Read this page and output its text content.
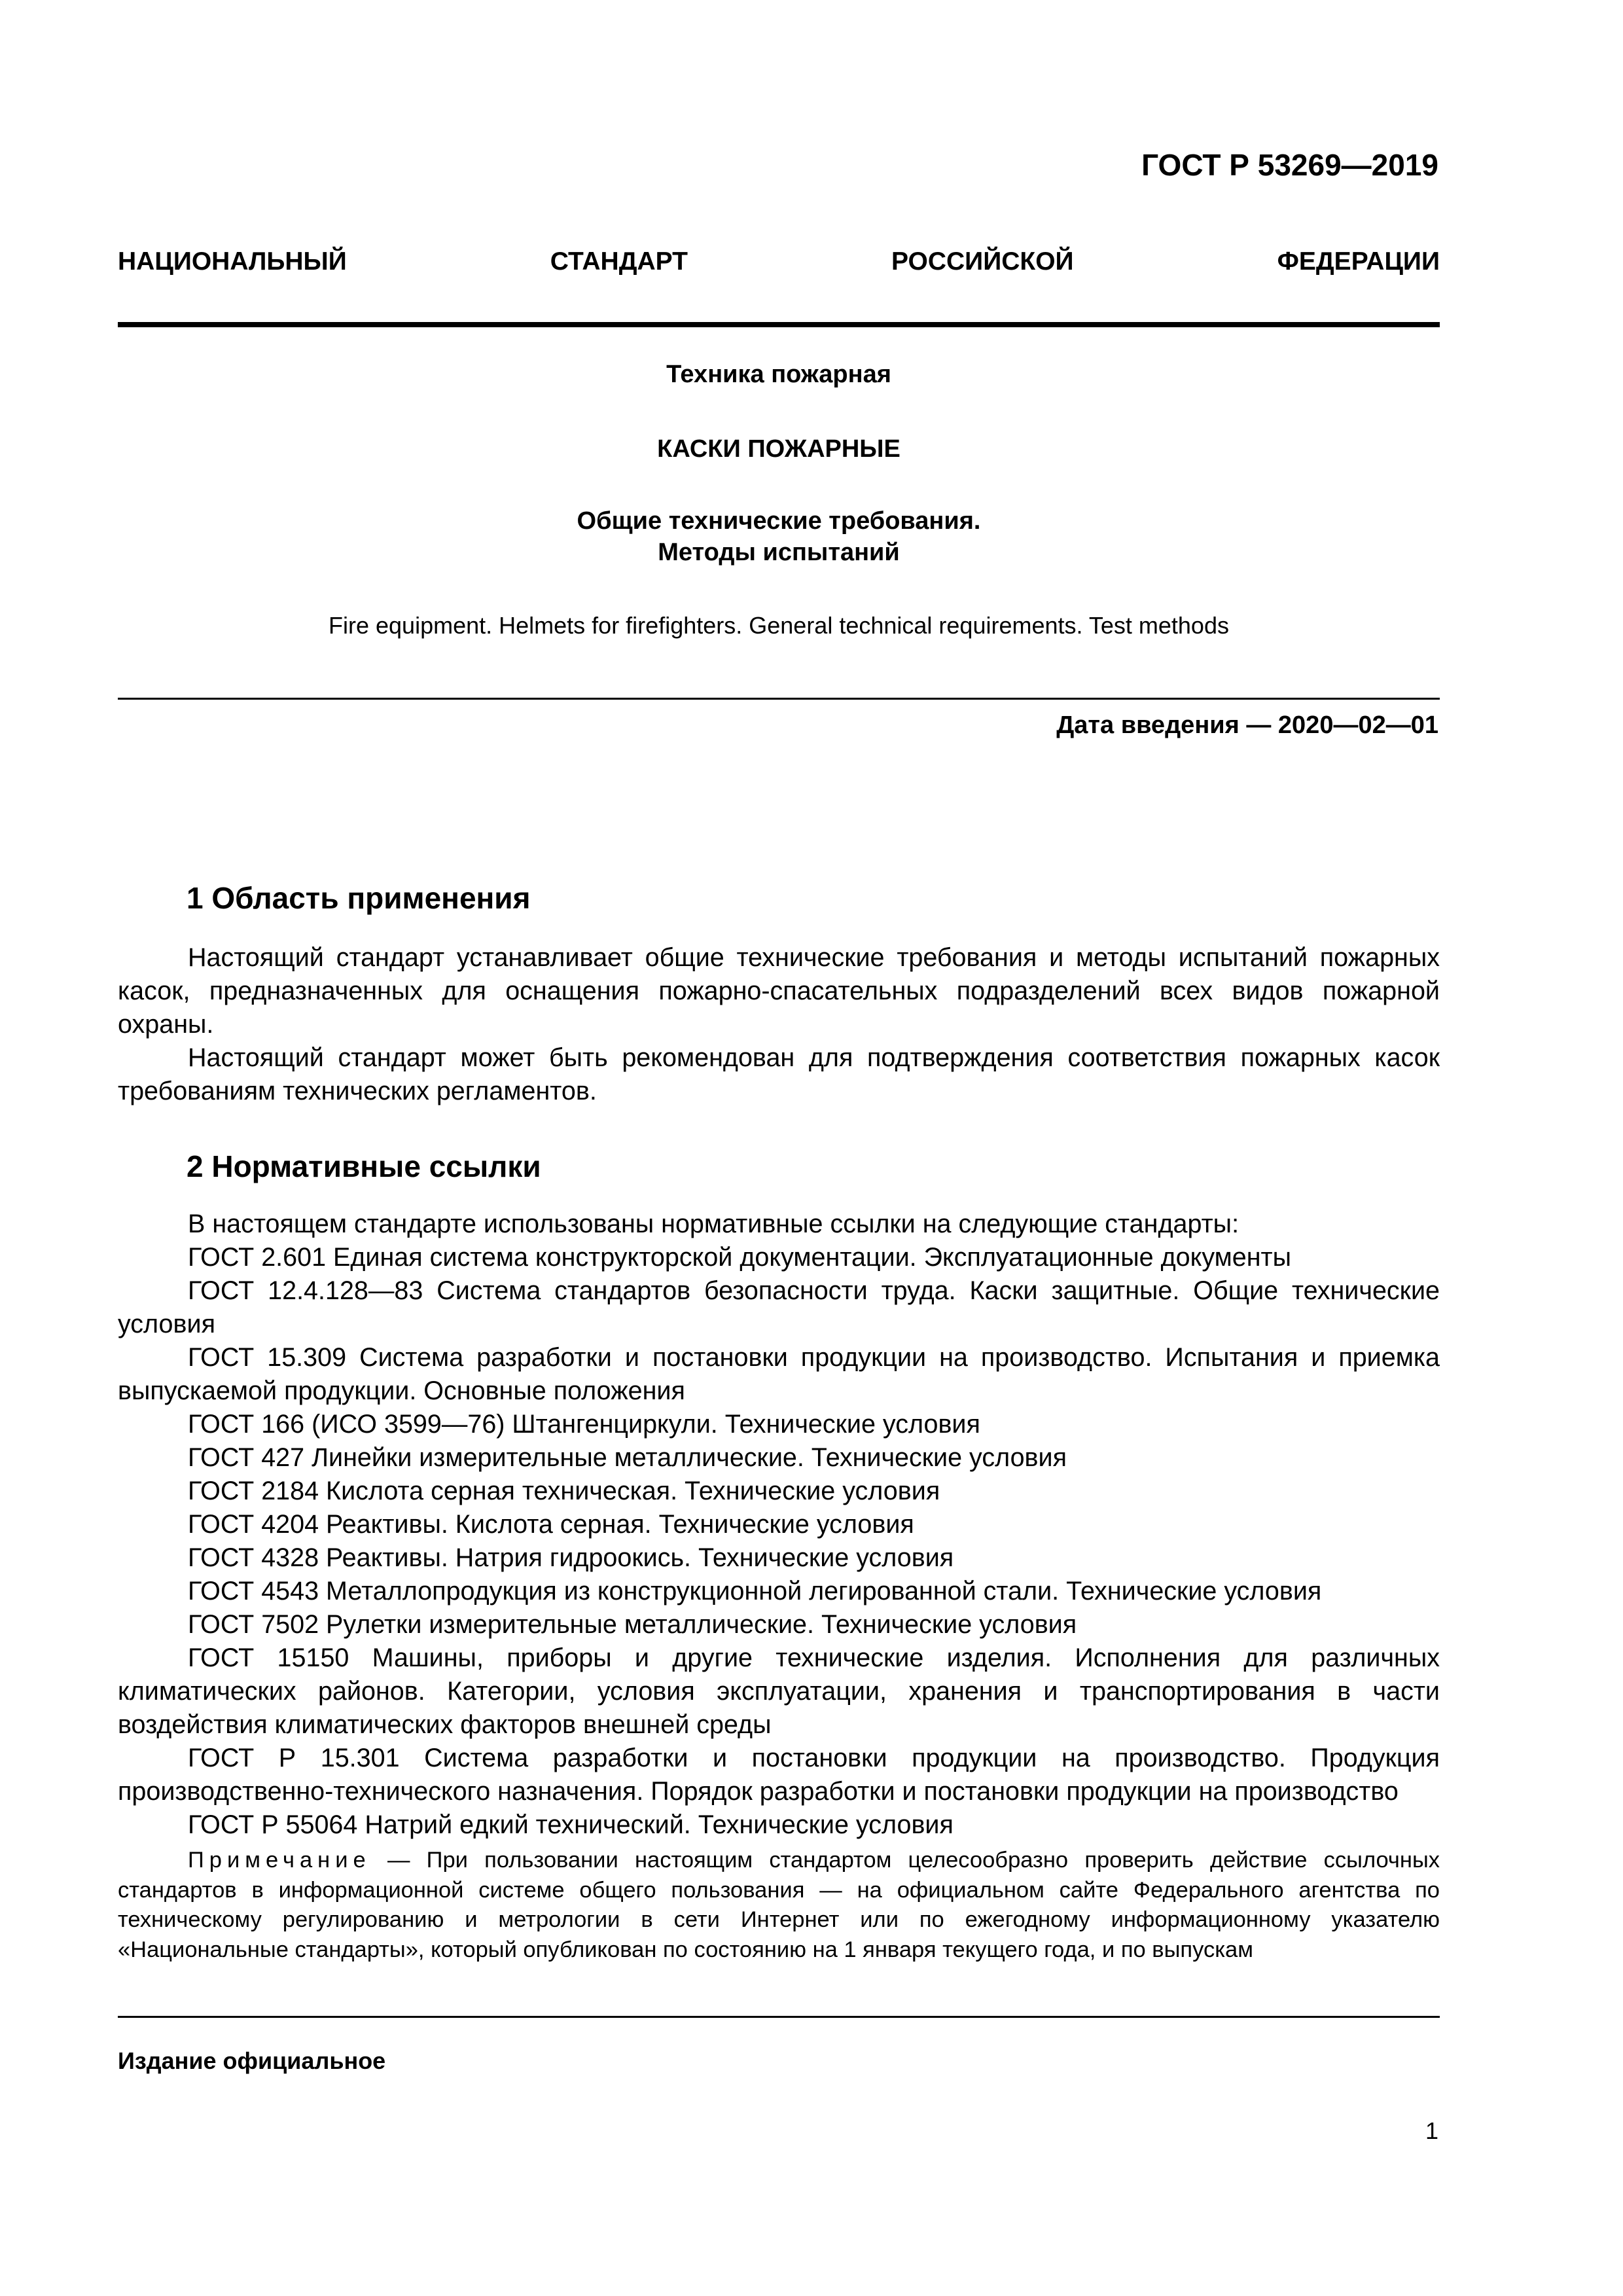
ГОСТ Р 53269—2019
НАЦИОНАЛЬНЫЙ СТАНДАРТ РОССИЙСКОЙ ФЕДЕРАЦИИ
Техника пожарная
КАСКИ ПОЖАРНЫЕ
Общие технические требования.
Методы испытаний
Fire equipment. Helmets for firefighters. General technical requirements. Test methods
Дата введения — 2020—02—01
1 Область применения

Настоящий стандарт устанавливает общие технические требования и методы испытаний пожарных касок, предназначенных для оснащения пожарно-спасательных подразделений всех видов пожарной охраны.

Настоящий стандарт может быть рекомендован для подтверждения соответствия пожарных касок требованиям технических регламентов.

2 Нормативные ссылки

В настоящем стандарте использованы нормативные ссылки на следующие стандарты:

ГОСТ 2.601 Единая система конструкторской документации. Эксплуатационные документы

ГОСТ 12.4.128—83 Система стандартов безопасности труда. Каски защитные. Общие технические условия

ГОСТ 15.309 Система разработки и постановки продукции на производство. Испытания и приемка выпускаемой продукции. Основные положения

ГОСТ 166 (ИСО 3599—76) Штангенциркули. Технические условия

ГОСТ 427 Линейки измерительные металлические. Технические условия

ГОСТ 2184 Кислота серная техническая. Технические условия

ГОСТ 4204 Реактивы. Кислота серная. Технические условия

ГОСТ 4328 Реактивы. Натрия гидроокись. Технические условия

ГОСТ 4543 Металлопродукция из конструкционной легированной стали. Технические условия

ГОСТ 7502 Рулетки измерительные металлические. Технические условия

ГОСТ 15150 Машины, приборы и другие технические изделия. Исполнения для различных климатических районов. Категории, условия эксплуатации, хранения и транспортирования в части воздействия климатических факторов внешней среды

ГОСТ Р 15.301 Система разработки и постановки продукции на производство. Продукция производственно-технического назначения. Порядок разработки и постановки продукции на производство

ГОСТ Р 55064 Натрий едкий технический. Технические условия

Примечание — При пользовании настоящим стандартом целесообразно проверить действие ссылочных стандартов в информационной системе общего пользования — на официальном сайте Федерального агентства по техническому регулированию и метрологии в сети Интернет или по ежегодному информационному указателю «Национальные стандарты», который опубликован по состоянию на 1 января текущего года, и по выпускам

Издание официальное
1
